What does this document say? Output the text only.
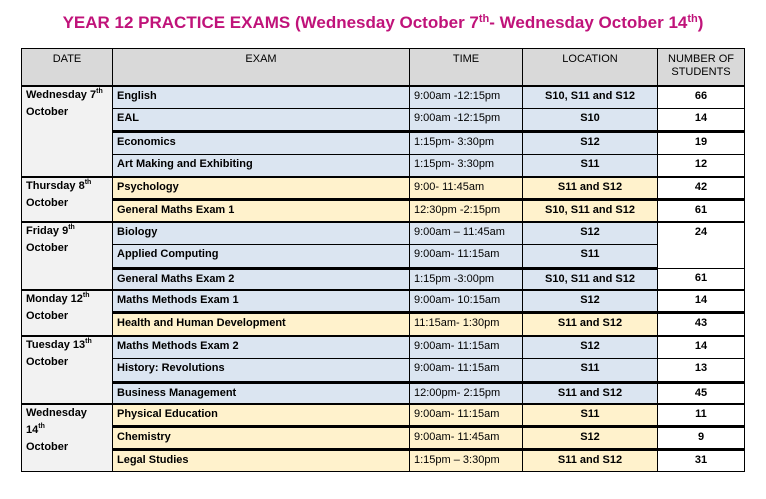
YEAR 12 PRACTICE EXAMS (Wednesday October 7th- Wednesday October 14th)
DATE	EXAM	TIME	LOCATION	NUMBER OF STUDENTS
Wednesday 7th
October	English	9:00am -12:15pm	S10, S11 and S12	66
	EAL	9:00am -12:15pm	S10	14
	Economics	1:15pm- 3:30pm	S12	19
	Art Making and Exhibiting	1:15pm- 3:30pm	S11	12
Thursday 8th
October	Psychology	9:00- 11:45am	S11 and S12	42
	General Maths Exam 1	12:30pm -2:15pm	S10, S11 and S12	61
Friday 9th
October	Biology	9:00am – 11:45am	S12	24
	Applied Computing	9:00am- 11:15am	S11	
	General Maths Exam 2	1:15pm -3:00pm	S10, S11 and S12	61
Monday 12th
October	Maths Methods Exam 1	9:00am- 10:15am	S12	14
	Health and Human Development	11:15am- 1:30pm	S11 and S12	43
Tuesday 13th
October	Maths Methods Exam 2	9:00am- 11:15am	S12	14
	History: Revolutions	9:00am- 11:15am	S11	13
	Business Management	12:00pm- 2:15pm	S11 and S12	45
Wednesday 14th
October	Physical Education	9:00am- 11:15am	S11	11
	Chemistry	9:00am- 11:45am	S12	9
	Legal Studies	1:15pm – 3:30pm	S11 and S12	31
